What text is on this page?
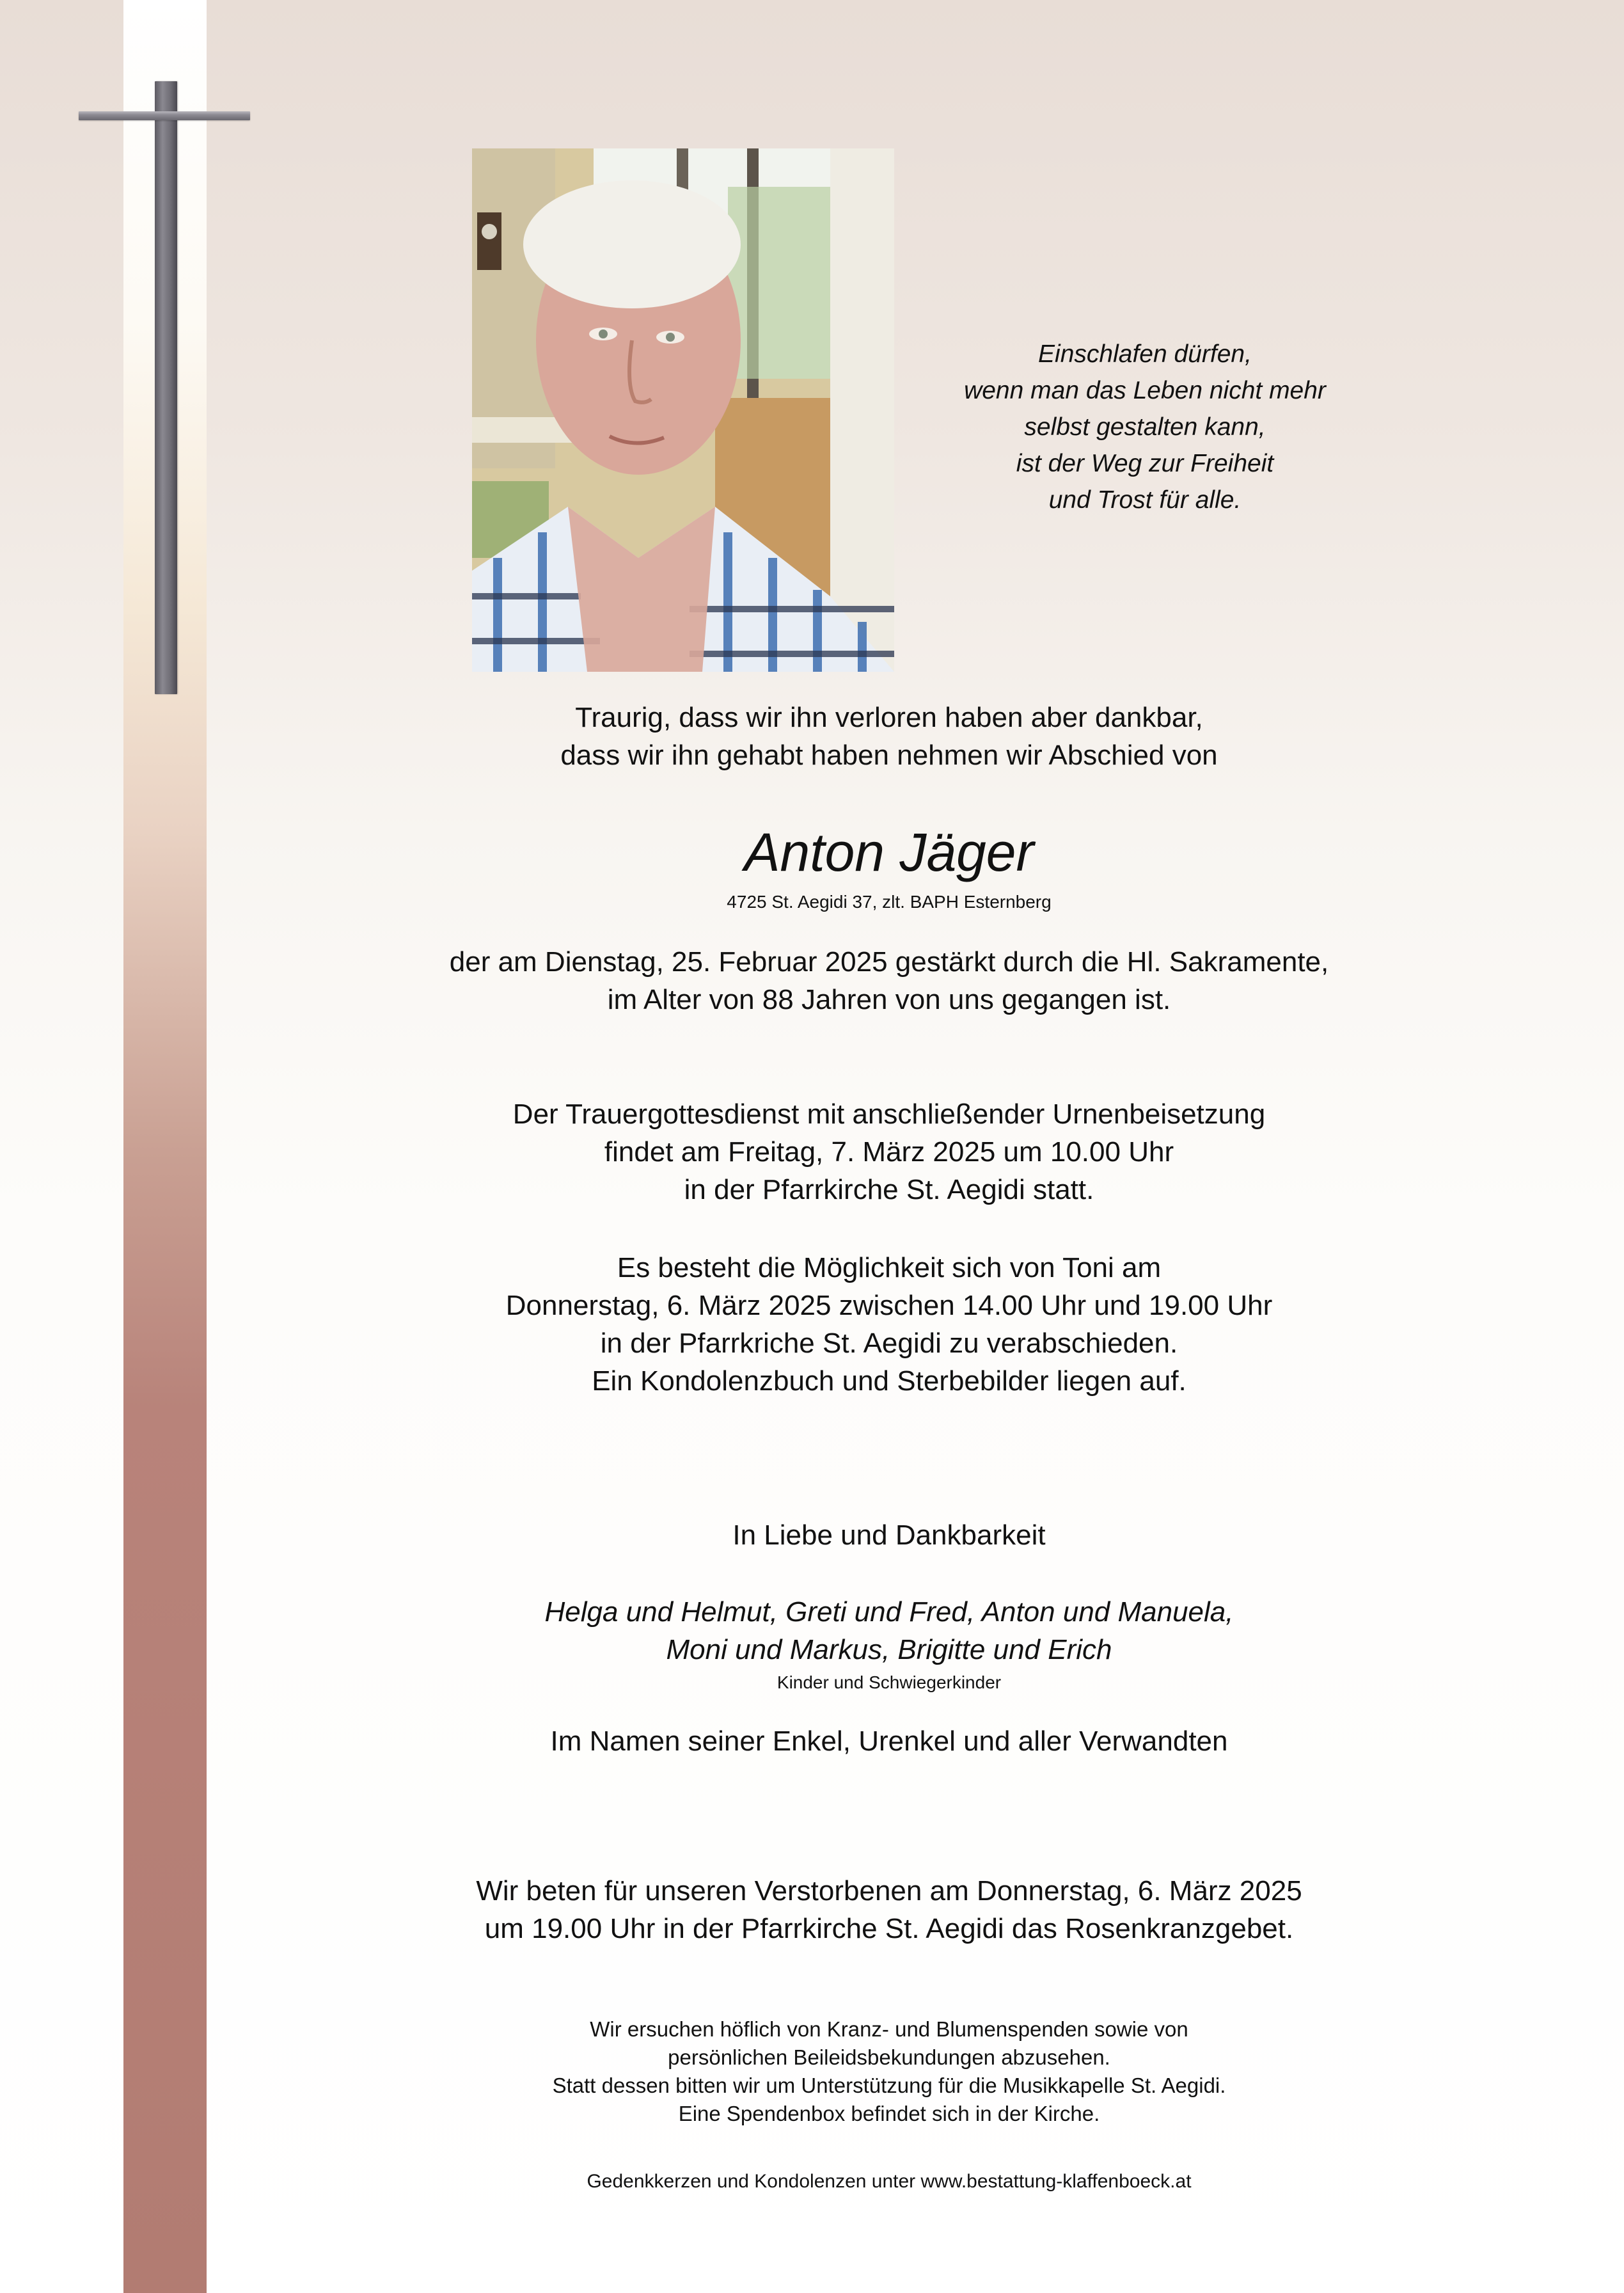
Einschlafen dürfen,
wenn man das Leben nicht mehr
selbst gestalten kann,
ist der Weg zur Freiheit
und Trost für alle.
Traurig, dass wir ihn verloren haben aber dankbar,
dass wir ihn gehabt haben nehmen wir Abschied von
Anton Jäger
4725 St. Aegidi 37, zlt. BAPH Esternberg
der am Dienstag, 25. Februar 2025 gestärkt durch die Hl. Sakramente,
im Alter von 88 Jahren von uns gegangen ist.
Der Trauergottesdienst mit anschließender Urnenbeisetzung
findet am Freitag, 7. März 2025 um 10.00 Uhr
in der Pfarrkirche St. Aegidi statt.
Es besteht die Möglichkeit sich von Toni am
Donnerstag, 6. März 2025 zwischen 14.00 Uhr und 19.00 Uhr
in der Pfarrkriche St. Aegidi zu verabschieden.
Ein Kondolenzbuch und Sterbebilder liegen auf.
In Liebe und Dankbarkeit
Helga und Helmut, Greti und Fred, Anton und Manuela,
Moni und Markus, Brigitte und Erich
Kinder und Schwiegerkinder
Im Namen seiner Enkel, Urenkel und aller Verwandten
Wir beten für unseren Verstorbenen am Donnerstag, 6. März 2025
um 19.00 Uhr in der Pfarrkirche St. Aegidi das Rosenkranzgebet.
Wir ersuchen höflich von Kranz- und Blumenspenden sowie von
persönlichen Beileidsbekundungen abzusehen.
Statt dessen bitten wir um Unterstützung für die Musikkapelle St. Aegidi.
Eine Spendenbox befindet sich in der Kirche.
Gedenkkerzen und Kondolenzen unter www.bestattung-klaffenboeck.at
